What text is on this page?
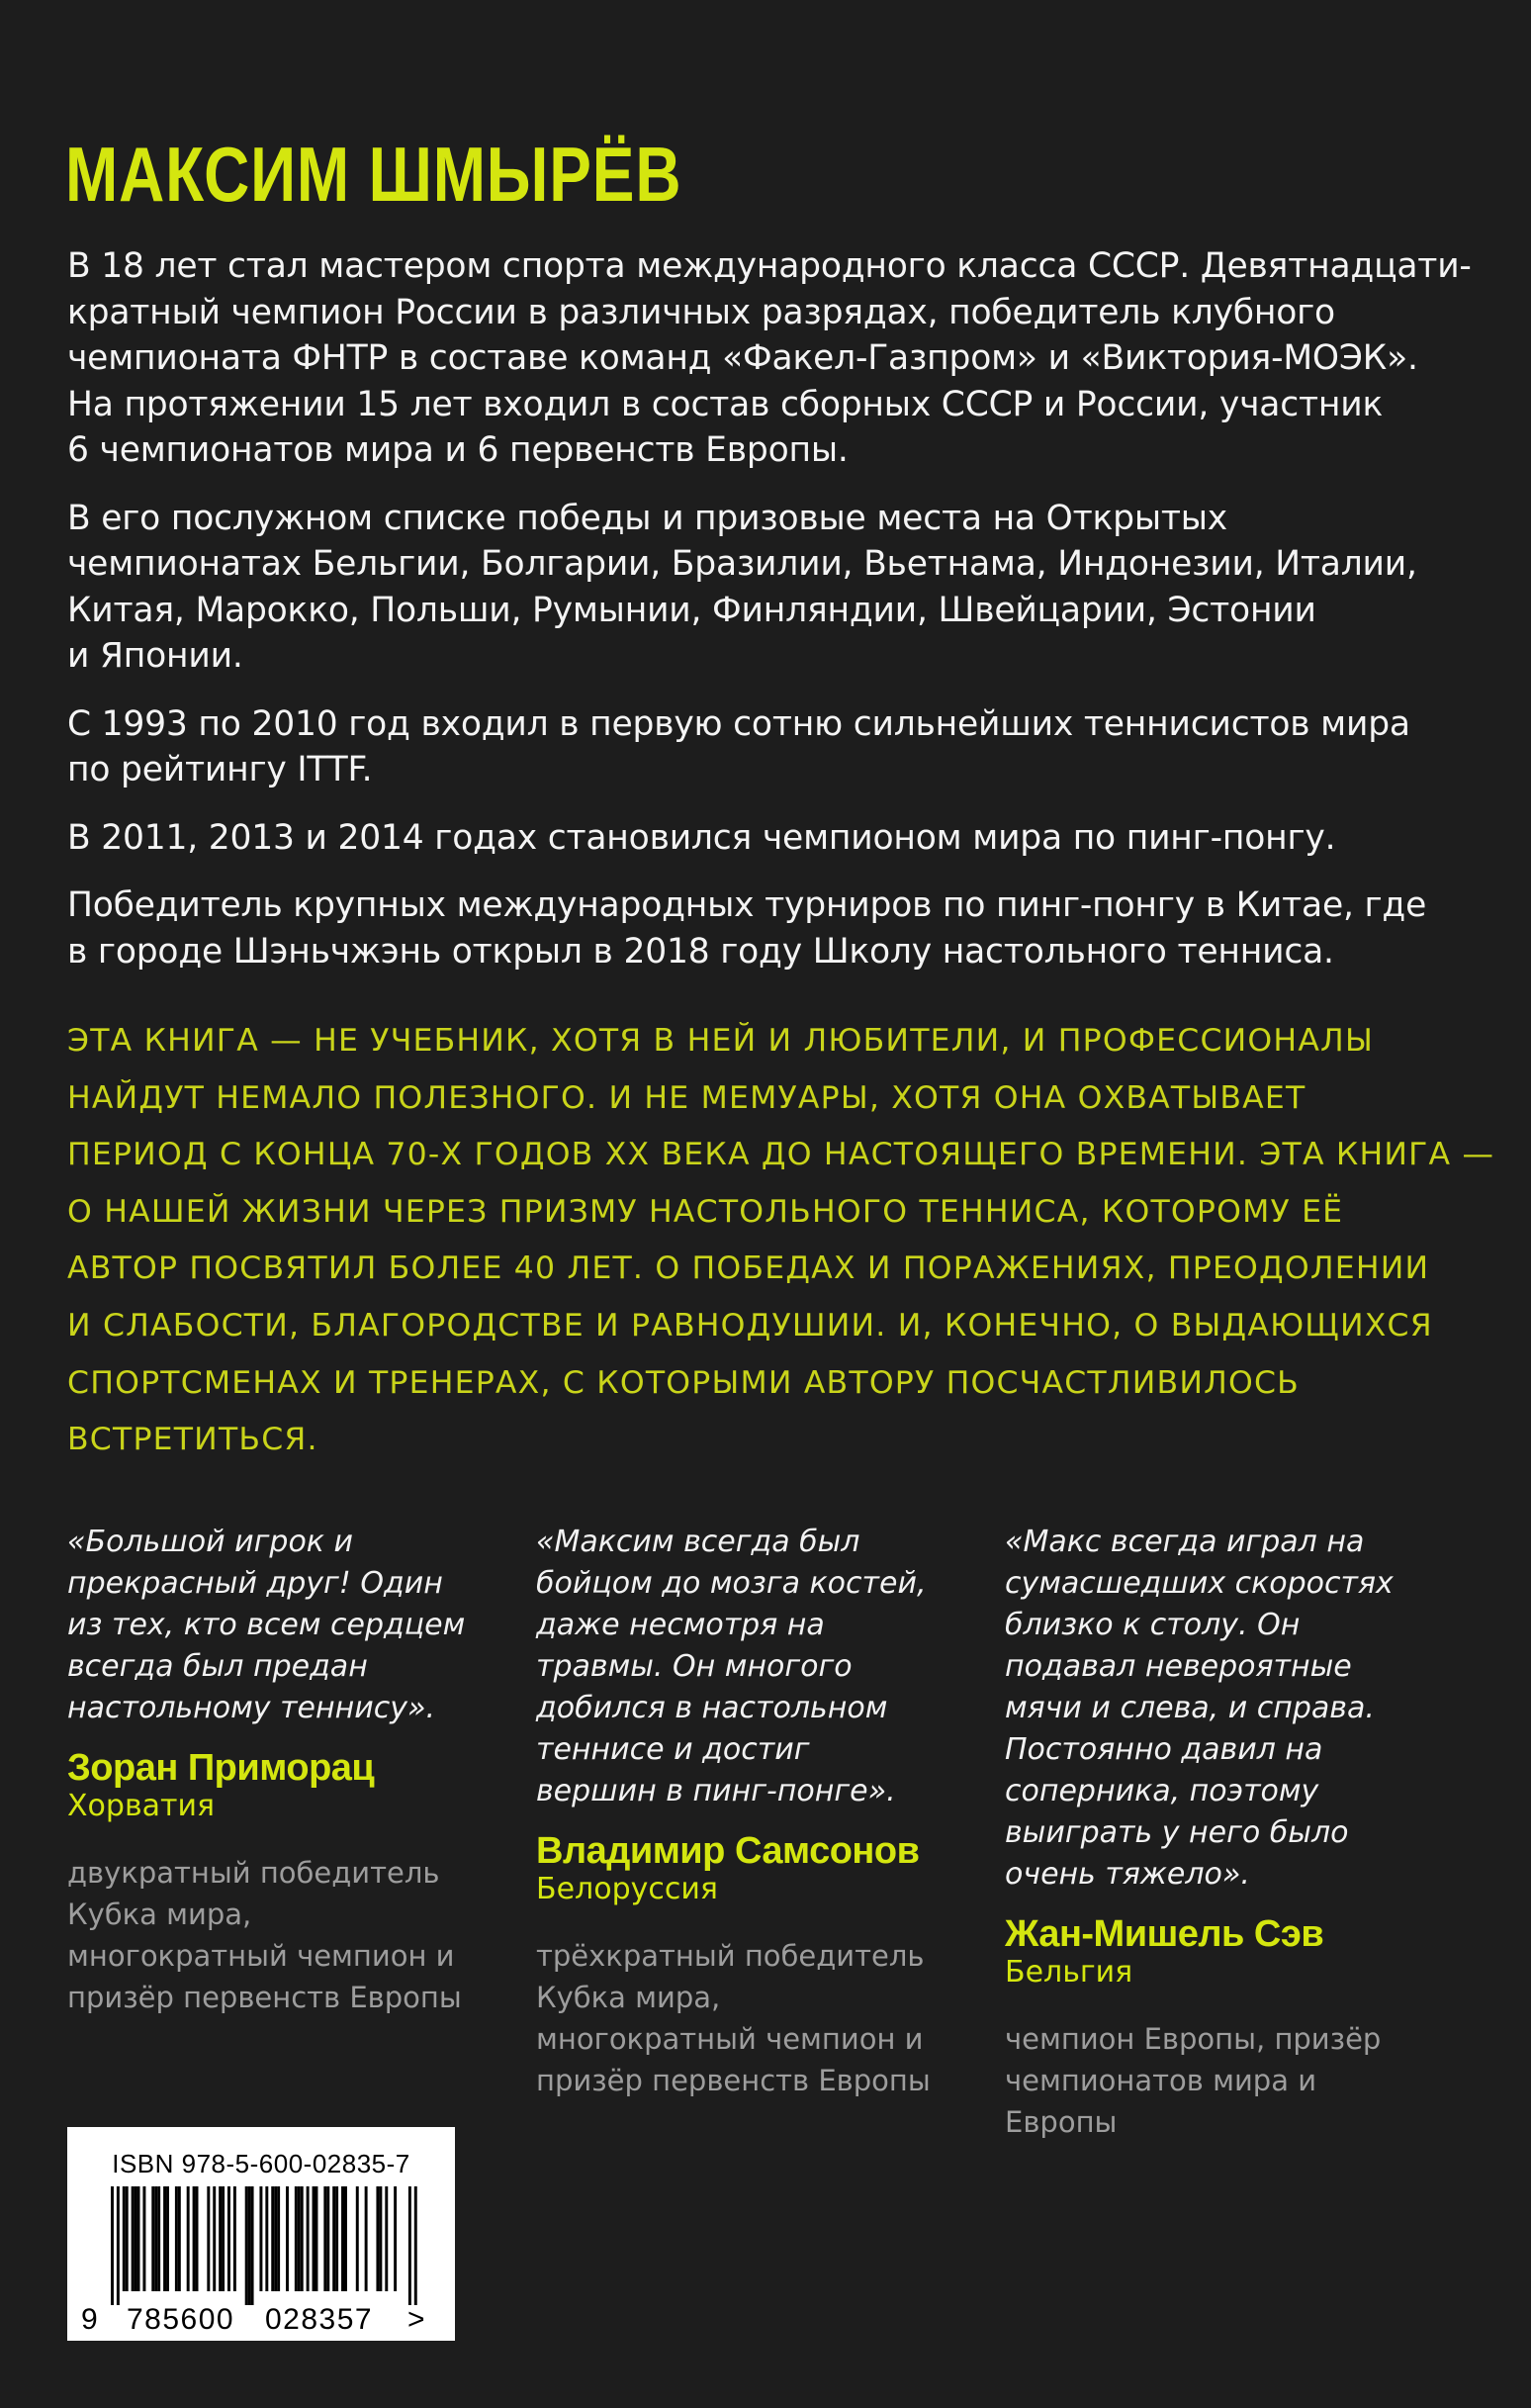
МАКСИМ ШМЫРЁВ

В 18 лет стал мастером спорта международного класса СССР. Девятнадцати-
кратный чемпион России в различных разрядах, победитель клубного
чемпионата ФНТР в составе команд «Факел-Газпром» и «Виктория-МОЭК».
На протяжении 15 лет входил в состав сборных СССР и России, участник
6 чемпионатов мира и 6 первенств Европы.

В его послужном списке победы и призовые места на Открытых
чемпионатах Бельгии, Болгарии, Бразилии, Вьетнама, Индонезии, Италии,
Китая, Марокко, Польши, Румынии, Финляндии, Швейцарии, Эстонии
и Японии.

С 1993 по 2010 год входил в первую сотню сильнейших теннисистов мира
по рейтингу ITTF.

В 2011, 2013 и 2014 годах становился чемпионом мира по пинг-понгу.

Победитель крупных международных турниров по пинг-понгу в Китае, где
в городе Шэньчжэнь открыл в 2018 году Школу настольного тенниса.

ЭТА КНИГА — НЕ УЧЕБНИК, ХОТЯ В НЕЙ И ЛЮБИТЕЛИ, И ПРОФЕССИОНАЛЫ
НАЙДУТ НЕМАЛО ПОЛЕЗНОГО. И НЕ МЕМУАРЫ, ХОТЯ ОНА ОХВАТЫВАЕТ
ПЕРИОД С КОНЦА 70-Х ГОДОВ XX ВЕКА ДО НАСТОЯЩЕГО ВРЕМЕНИ. ЭТА КНИГА —
О НАШЕЙ ЖИЗНИ ЧЕРЕЗ ПРИЗМУ НАСТОЛЬНОГО ТЕННИСА, КОТОРОМУ ЕЁ
АВТОР ПОСВЯТИЛ БОЛЕЕ 40 ЛЕТ. О ПОБЕДАХ И ПОРАЖЕНИЯХ, ПРЕОДОЛЕНИИ
И СЛАБОСТИ, БЛАГОРОДСТВЕ И РАВНОДУШИИ. И, КОНЕЧНО, О ВЫДАЮЩИХСЯ
СПОРТСМЕНАХ И ТРЕНЕРАХ, С КОТОРЫМИ АВТОРУ ПОСЧАСТЛИВИЛОСЬ
ВСТРЕТИТЬСЯ.

«Большой игрок и
прекрасный друг! Один
из тех, кто всем сердцем
всегда был предан
настольному теннису».

Зоран Приморац

Хорватия

двукратный победитель
Кубка мира,
многократный чемпион и
призёр первенств Европы

«Максим всегда был
бойцом до мозга костей,
даже несмотря на
травмы. Он многого
добился в настольном
теннисе и достиг
вершин в пинг-понге».

Владимир Самсонов

Белоруссия

трёхкратный победитель
Кубка мира,
многократный чемпион и
призёр первенств Европы

«Макс всегда играл на
сумасшедших скоростях
близко к столу. Он
подавал невероятные
мячи и слева, и справа.
Постоянно давил на
соперника, поэтому
выиграть у него было
очень тяжело».

Жан-Мишель Сэв

Бельгия

чемпион Европы, призёр
чемпионатов мира и
Европы

ISBN 978-5-600-02835-7
9 785600 028357 >
